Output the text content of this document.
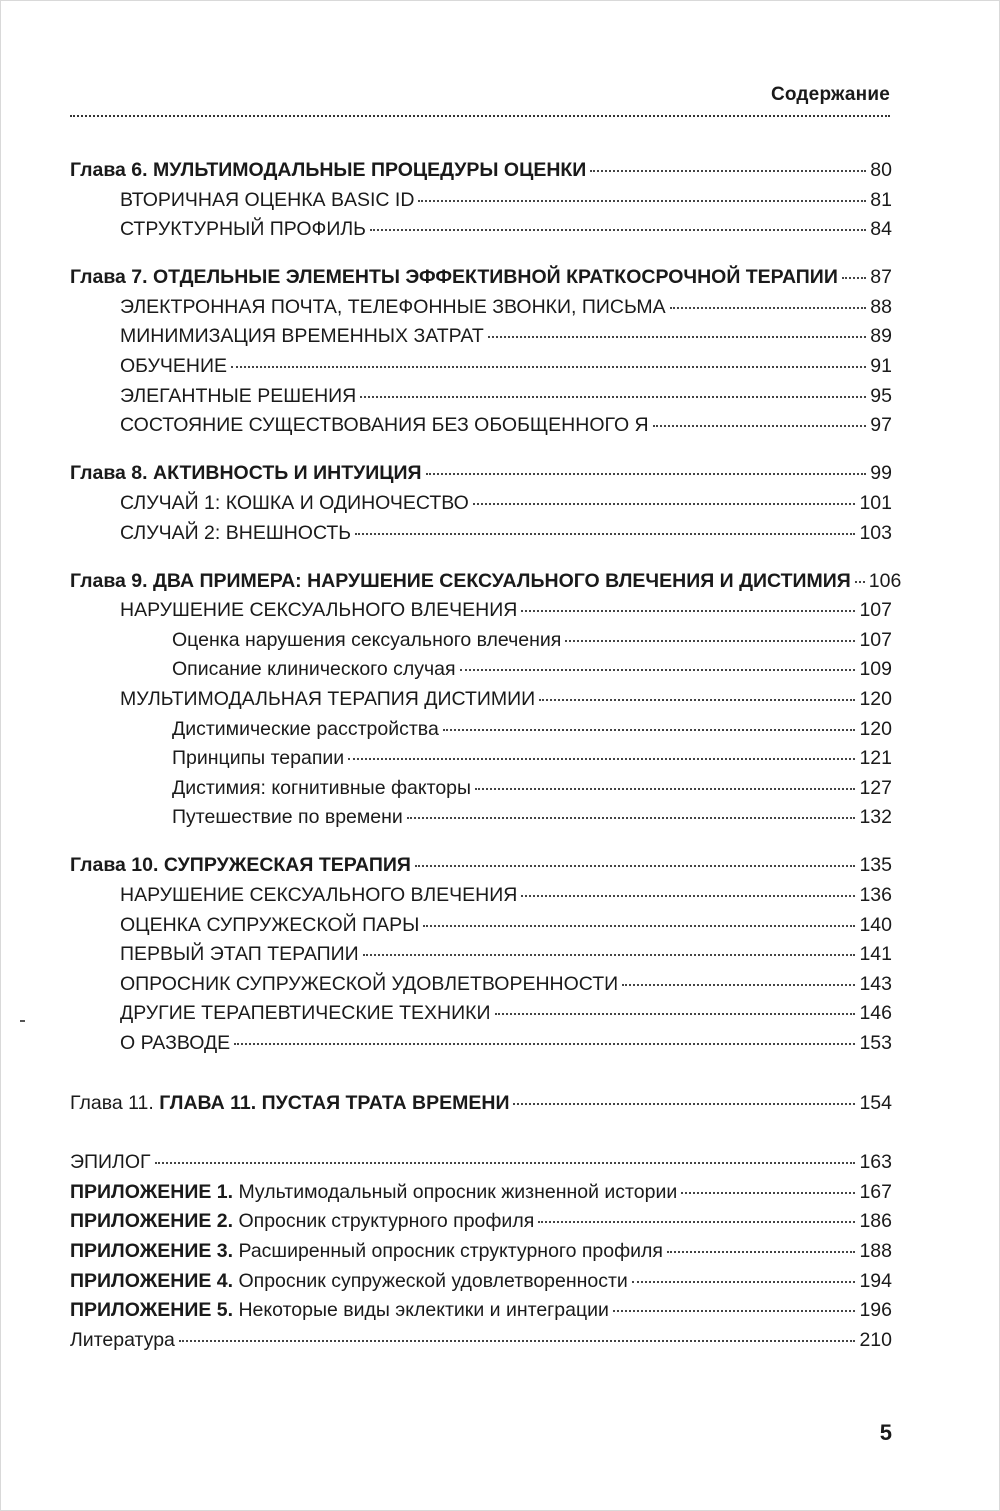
Содержание
Глава 6. МУЛЬТИМОДАЛЬНЫЕ ПРОЦЕДУРЫ ОЦЕНКИ	80
ВТОРИЧНАЯ ОЦЕНКА BASIC ID	81
СТРУКТУРНЫЙ ПРОФИЛЬ	84
Глава 7. ОТДЕЛЬНЫЕ ЭЛЕМЕНТЫ ЭФФЕКТИВНОЙ КРАТКОСРОЧНОЙ ТЕРАПИИ 87
ЭЛЕКТРОННАЯ ПОЧТА, ТЕЛЕФОННЫЕ ЗВОНКИ, ПИСЬМА	88
МИНИМИЗАЦИЯ ВРЕМЕННЫХ ЗАТРАТ	89
ОБУЧЕНИЕ	91
ЭЛЕГАНТНЫЕ РЕШЕНИЯ	95
СОСТОЯНИЕ СУЩЕСТВОВАНИЯ БЕЗ ОБОБЩЕННОГО Я	97
Глава 8. АКТИВНОСТЬ И ИНТУИЦИЯ	99
СЛУЧАЙ 1: КОШКА И ОДИНОЧЕСТВО	101
СЛУЧАЙ 2: ВНЕШНОСТЬ	103
Глава 9. ДВА ПРИМЕРА: НАРУШЕНИЕ СЕКСУАЛЬНОГО ВЛЕЧЕНИЯ И ДИСТИМИЯ 106
НАРУШЕНИЕ СЕКСУАЛЬНОГО ВЛЕЧЕНИЯ	107
Оценка нарушения сексуального влечения	107
Описание клинического случая	109
МУЛЬТИМОДАЛЬНАЯ ТЕРАПИЯ ДИСТИМИИ	120
Дистимические расстройства	120
Принципы терапии	121
Дистимия: когнитивные факторы	127
Путешествие по времени	132
Глава 10. СУПРУЖЕСКАЯ ТЕРАПИЯ	135
НАРУШЕНИЕ СЕКСУАЛЬНОГО ВЛЕЧЕНИЯ	136
ОЦЕНКА СУПРУЖЕСКОЙ ПАРЫ	140
ПЕРВЫЙ ЭТАП ТЕРАПИИ	141
ОПРОСНИК СУПРУЖЕСКОЙ УДОВЛЕТВОРЕННОСТИ	143
ДРУГИЕ ТЕРАПЕВТИЧЕСКИЕ ТЕХНИКИ	146
О РАЗВОДЕ	153
Глава 11. ГЛАВА 11. ПУСТАЯ ТРАТА ВРЕМЕНИ	154
ЭПИЛОГ	163
ПРИЛОЖЕНИЕ 1. Мультимодальный опросник жизненной истории	167
ПРИЛОЖЕНИЕ 2. Опросник структурного профиля	186
ПРИЛОЖЕНИЕ 3. Расширенный опросник структурного профиля	188
ПРИЛОЖЕНИЕ 4. Опросник супружеской удовлетворенности	194
ПРИЛОЖЕНИЕ 5. Некоторые виды эклектики и интеграции	196
Литература	210
5
